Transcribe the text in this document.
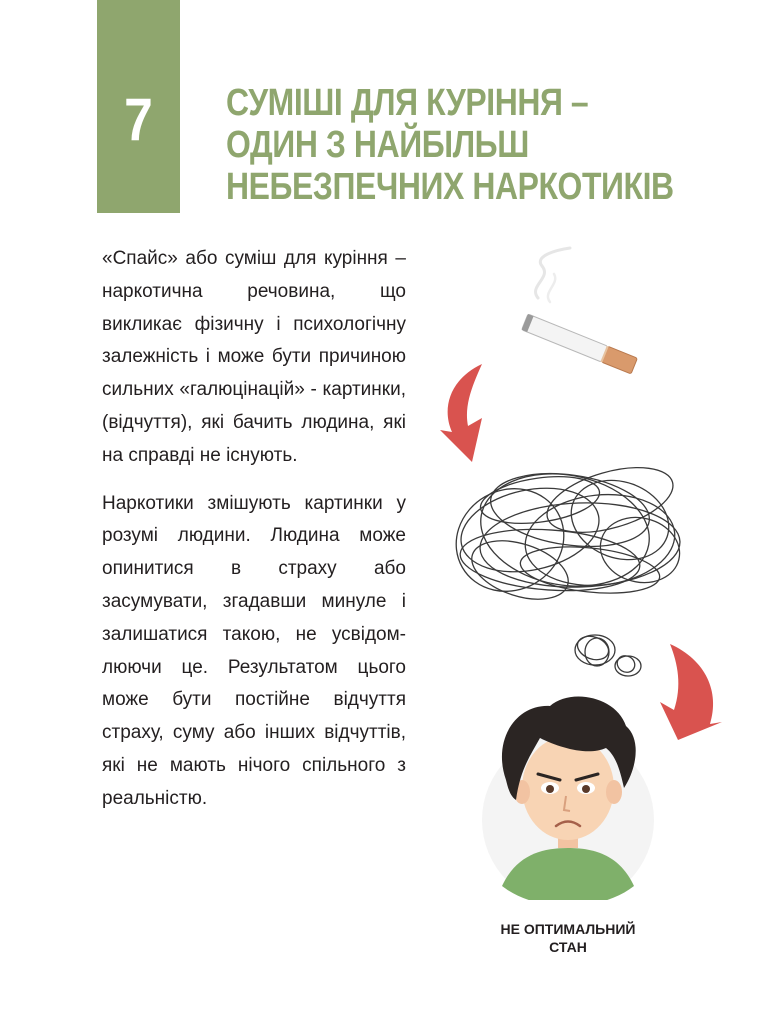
7	СУМІШІ ДЛЯ КУРІННЯ –
ОДИН З НАЙБІЛЬШ
НЕБЕЗПЕЧНИХ НАРКОТИКІВ

«Спайс» або суміш для куріння – наркотична речовина, що викликає фізичну і психологічну залежність і може бути причиною сильних «галюцінацій» - картинки, (відчуття), які бачить людина, які на справді не існують.

Наркотики змішують картинки у розумі людини. Людина може опинитися в страху або засумувати, згадавши минуле і залишатися такою, не усвідомлюючи це. Результатом цього може бути постійне відчуття страху, суму або інших відчуттів, які не мають нічого спільного з реальністю.

НЕ ОПТИМАЛЬНИЙ
СТАН
